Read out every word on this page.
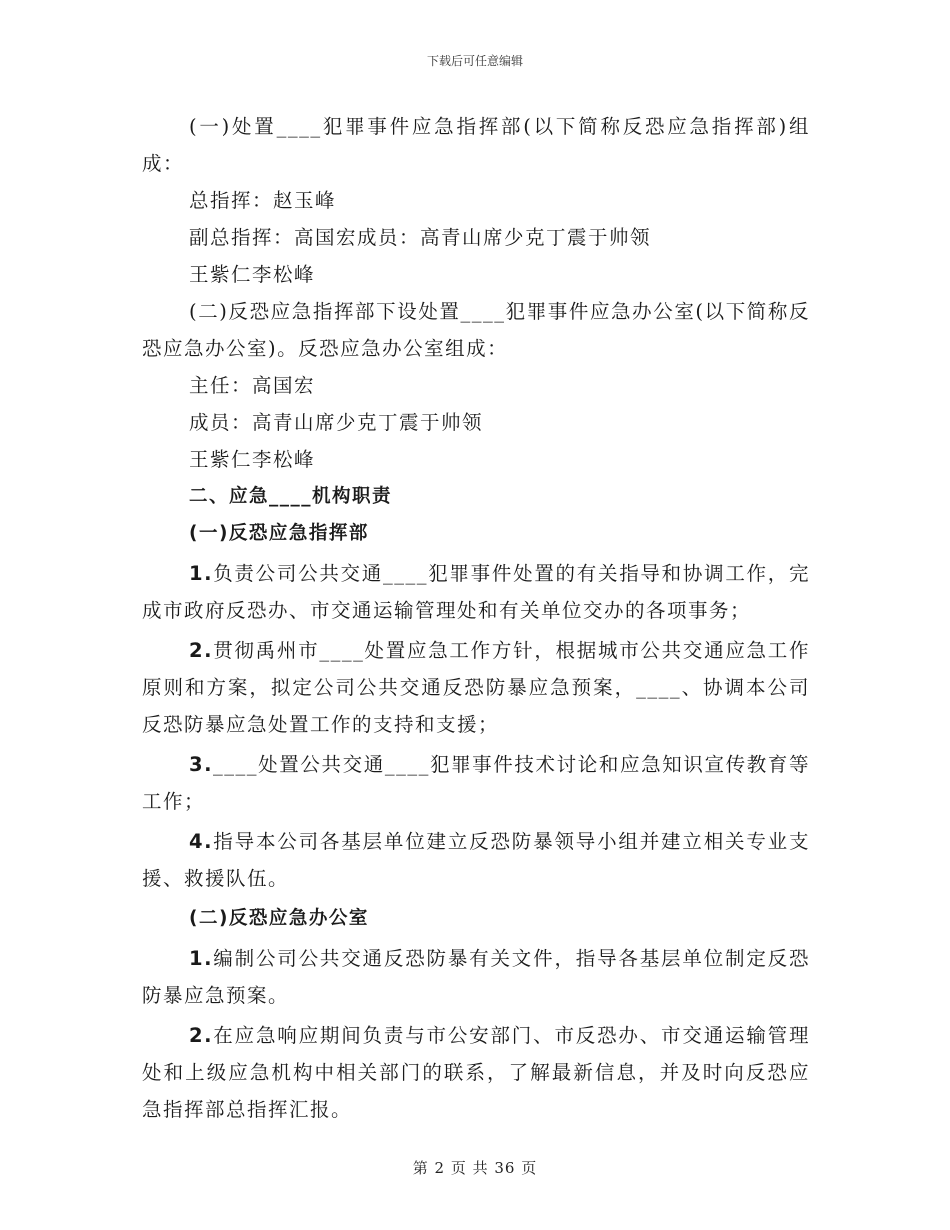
下载后可任意编辑

(一)处置____犯罪事件应急指挥部(以下简称反恐应急指挥部)组成：

总指挥：赵玉峰

副总指挥：高国宏成员：高青山席少克丁震于帅领

王紫仁李松峰

(二)反恐应急指挥部下设处置____犯罪事件应急办公室(以下简称反恐应急办公室)。反恐应急办公室组成：

主任：高国宏

成员：高青山席少克丁震于帅领

王紫仁李松峰

二、应急____机构职责

(一)反恐应急指挥部

1.负责公司公共交通____犯罪事件处置的有关指导和协调工作，完成市政府反恐办、市交通运输管理处和有关单位交办的各项事务；

2.贯彻禹州市____处置应急工作方针，根据城市公共交通应急工作原则和方案，拟定公司公共交通反恐防暴应急预案，____、协调本公司反恐防暴应急处置工作的支持和支援；

3.____处置公共交通____犯罪事件技术讨论和应急知识宣传教育等工作；

4.指导本公司各基层单位建立反恐防暴领导小组并建立相关专业支援、救援队伍。

(二)反恐应急办公室

1.编制公司公共交通反恐防暴有关文件，指导各基层单位制定反恐防暴应急预案。

2.在应急响应期间负责与市公安部门、市反恐办、市交通运输管理处和上级应急机构中相关部门的联系，了解最新信息，并及时向反恐应急指挥部总指挥汇报。

第 2 页 共 36 页
